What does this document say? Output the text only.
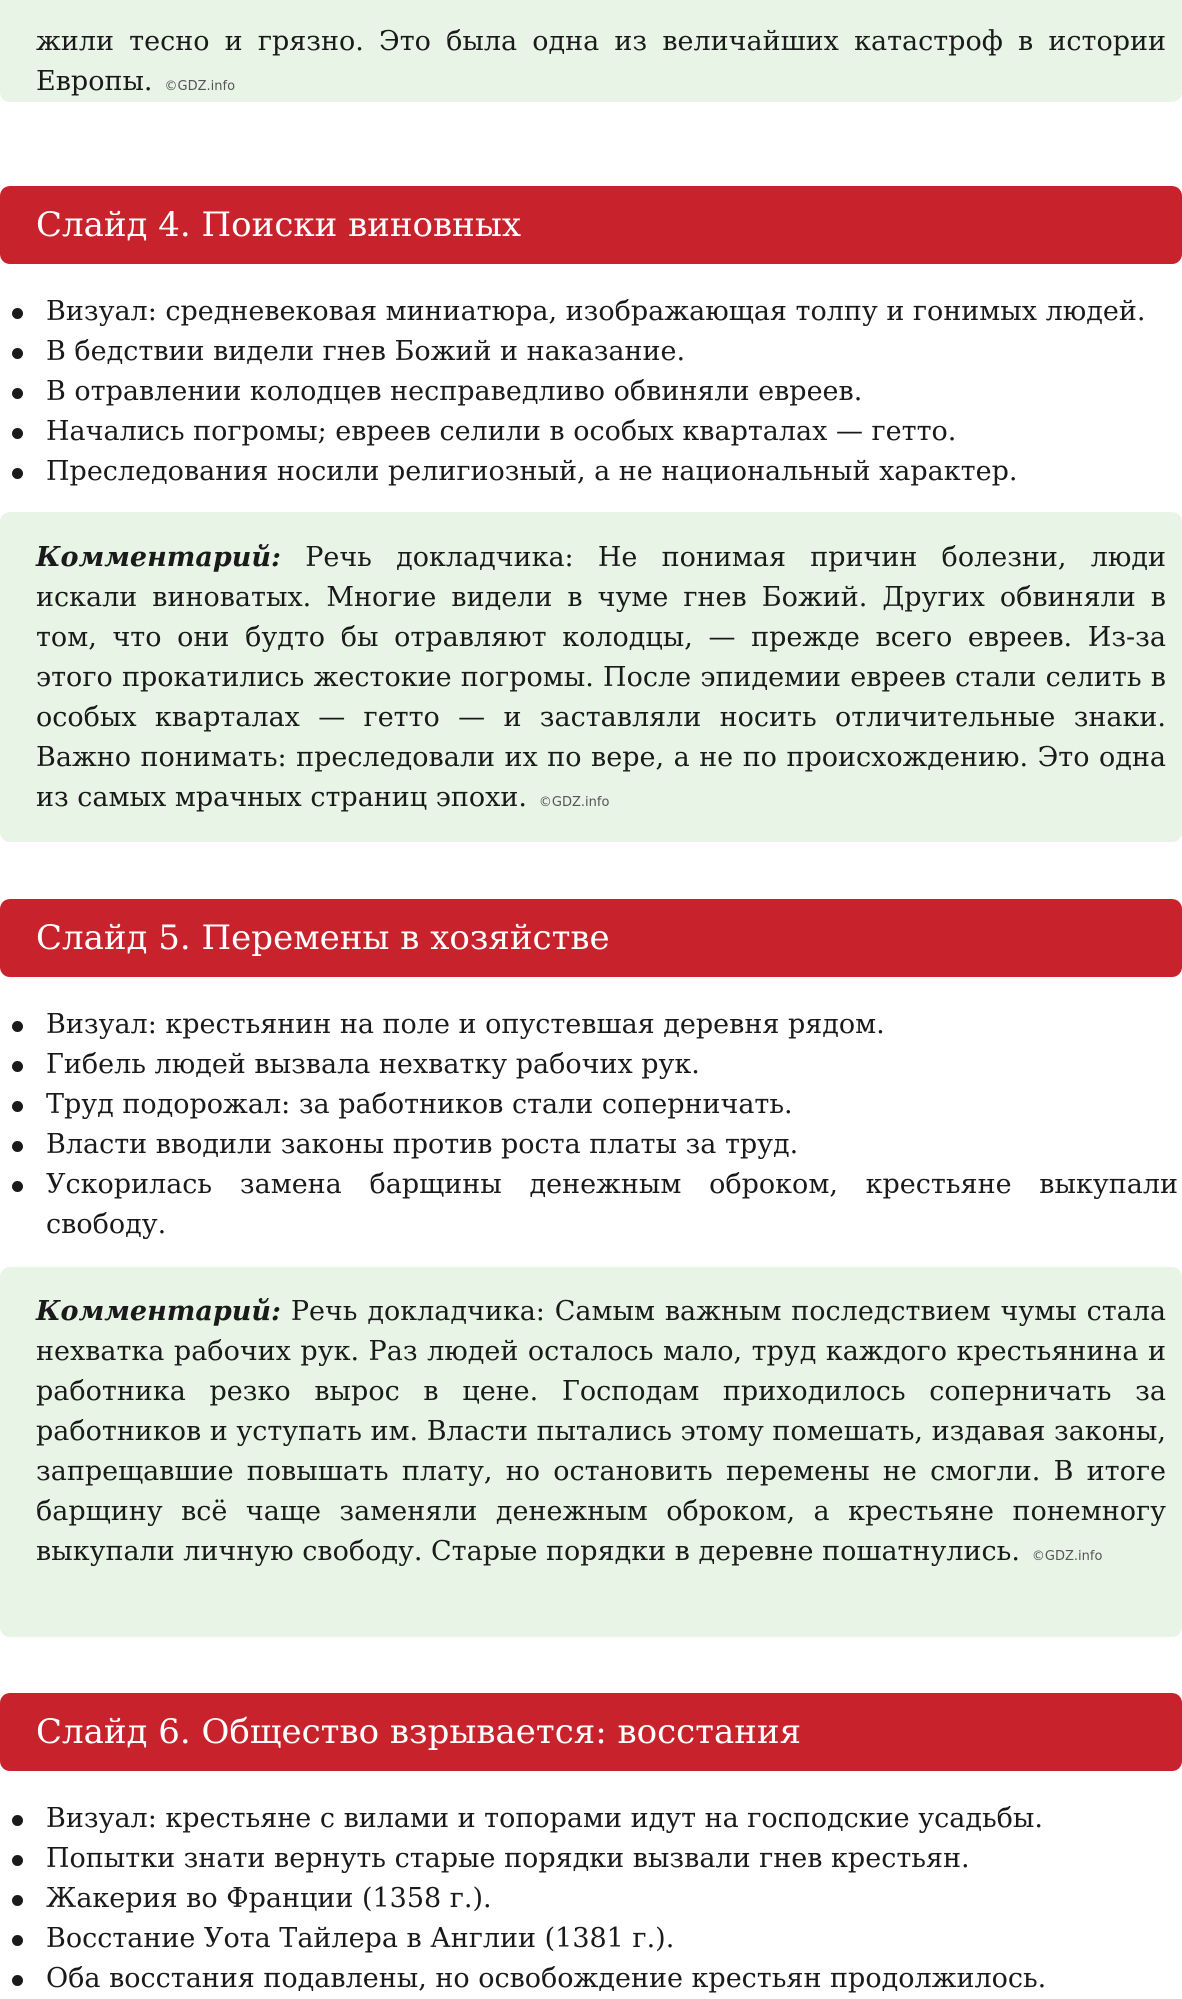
жили тесно и грязно. Это была одна из величайших катастроф в истории Европы. ©GDZ.info
Слайд 4. Поиски виновных
Визуал: средневековая миниатюра, изображающая толпу и гонимых людей.
В бедствии видели гнев Божий и наказание.
В отравлении колодцев несправедливо обвиняли евреев.
Начались погромы; евреев селили в особых кварталах — гетто.
Преследования носили религиозный, а не национальный характер.
Комментарий: Речь докладчика: Не понимая причин болезни, люди искали виноватых. Многие видели в чуме гнев Божий. Других обвиняли в том, что они будто бы отравляют колодцы, — прежде всего евреев. Из-за этого прокатились жестокие погромы. После эпидемии евреев стали селить в особых кварталах — гетто — и заставляли носить отличительные знаки. Важно понимать: преследовали их по вере, а не по происхождению. Это одна из самых мрачных страниц эпохи. ©GDZ.info
Слайд 5. Перемены в хозяйстве
Визуал: крестьянин на поле и опустевшая деревня рядом.
Гибель людей вызвала нехватку рабочих рук.
Труд подорожал: за работников стали соперничать.
Власти вводили законы против роста платы за труд.
Ускорилась замена барщины денежным оброком, крестьяне выкупали свободу.
Комментарий: Речь докладчика: Самым важным последствием чумы стала нехватка рабочих рук. Раз людей осталось мало, труд каждого крестьянина и работника резко вырос в цене. Господам приходилось соперничать за работников и уступать им. Власти пытались этому помешать, издавая законы, запрещавшие повышать плату, но остановить перемены не смогли. В итоге барщину всё чаще заменяли денежным оброком, а крестьяне понемногу выкупали личную свободу. Старые порядки в деревне пошатнулись. ©GDZ.info
Слайд 6. Общество взрывается: восстания
Визуал: крестьяне с вилами и топорами идут на господские усадьбы.
Попытки знати вернуть старые порядки вызвали гнев крестьян.
Жакерия во Франции (1358 г.).
Восстание Уота Тайлера в Англии (1381 г.).
Оба восстания подавлены, но освобождение крестьян продолжилось.
